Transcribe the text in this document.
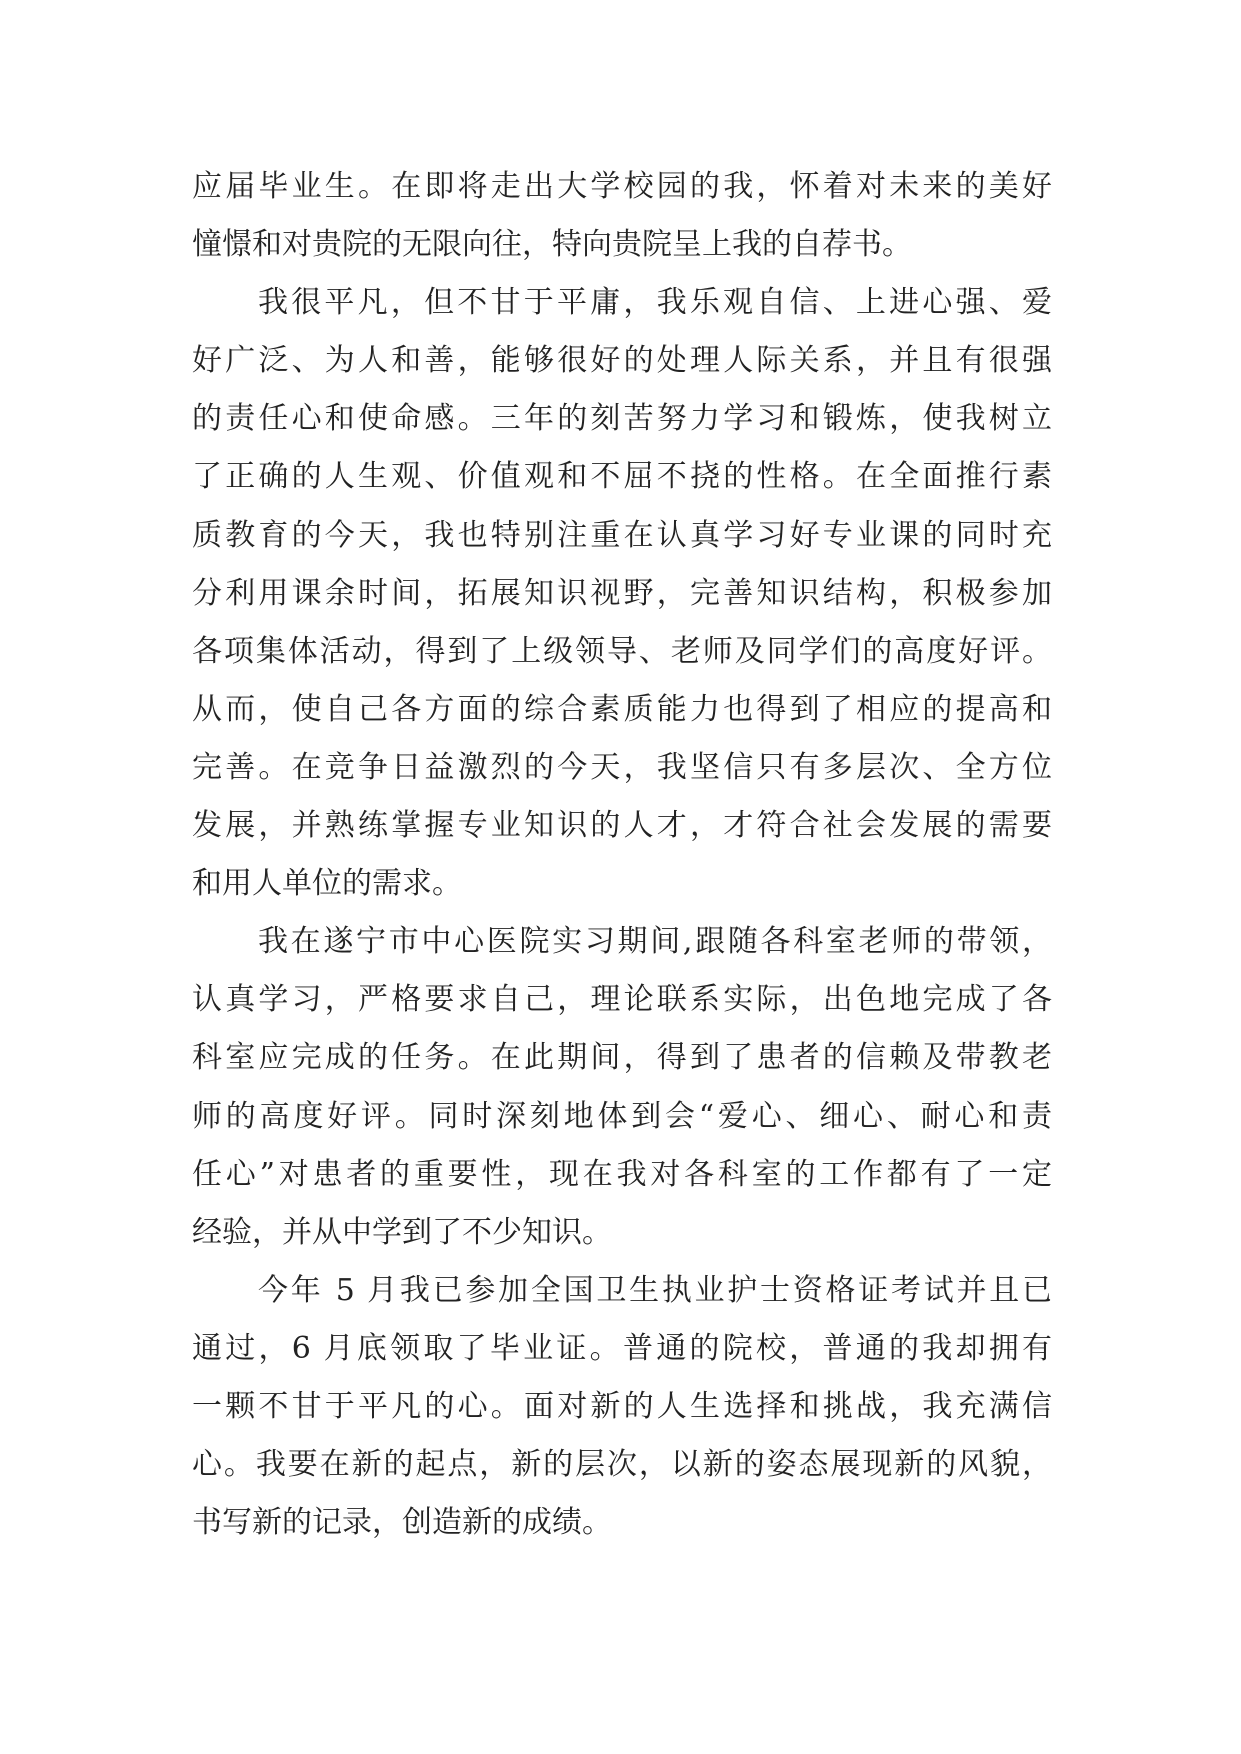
应届毕业生。在即将走出大学校园的我，怀着对未来的美好
憧憬和对贵院的无限向往，特向贵院呈上我的自荐书。
我很平凡，但不甘于平庸，我乐观自信、上进心强、爱
好广泛、为人和善，能够很好的处理人际关系，并且有很强
的责任心和使命感。三年的刻苦努力学习和锻炼，使我树立
了正确的人生观、价值观和不屈不挠的性格。在全面推行素
质教育的今天，我也特别注重在认真学习好专业课的同时充
分利用课余时间，拓展知识视野，完善知识结构，积极参加
各项集体活动，得到了上级领导、老师及同学们的高度好评。
从而，使自己各方面的综合素质能力也得到了相应的提高和
完善。在竞争日益激烈的今天，我坚信只有多层次、全方位
发展，并熟练掌握专业知识的人才，才符合社会发展的需要
和用人单位的需求。
我在遂宁市中心医院实习期间,跟随各科室老师的带领，
认真学习，严格要求自己，理论联系实际，出色地完成了各
科室应完成的任务。在此期间，得到了患者的信赖及带教老
师的高度好评。同时深刻地体到会“爱心、细心、耐心和责
任心”对患者的重要性，现在我对各科室的工作都有了一定
经验，并从中学到了不少知识。
今年 5 月我已参加全国卫生执业护士资格证考试并且已
通过，6 月底领取了毕业证。普通的院校，普通的我却拥有
一颗不甘于平凡的心。面对新的人生选择和挑战，我充满信
心。我要在新的起点，新的层次，以新的姿态展现新的风貌，
书写新的记录，创造新的成绩。
